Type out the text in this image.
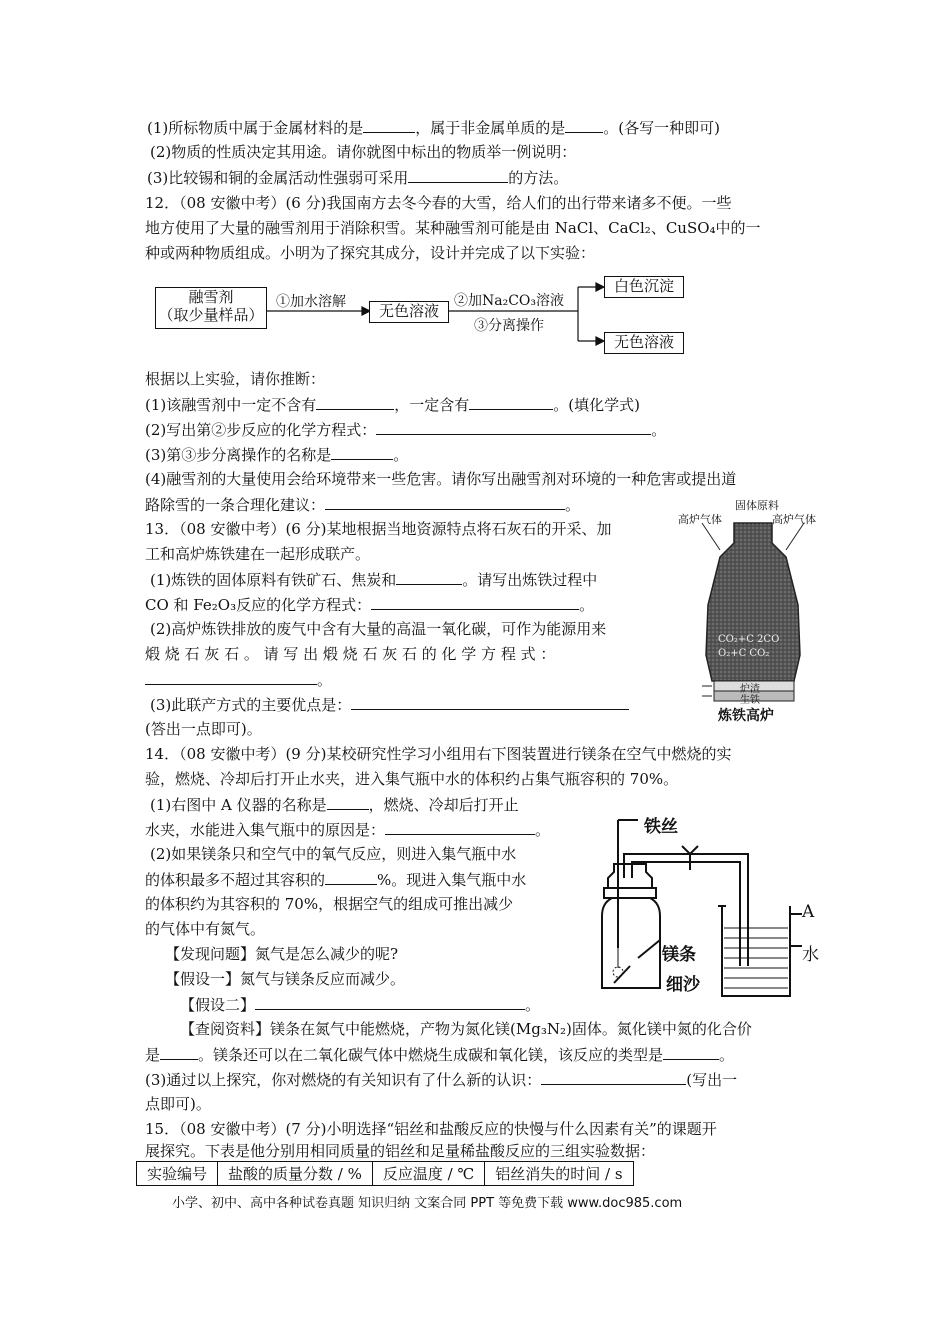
(1)所标物质中属于金属材料的是	，属于非金属单质的是	。(各写一种即可)
(2)物质的性质决定其用途。请你就图中标出的物质举一例说明：
(3)比较锡和铜的金属活动性强弱可采用	的方法。
12．（08 安徽中考）(6 分)我国南方去冬今春的大雪，给人们的出行带来诸多不便。一些
地方使用了大量的融雪剂用于消除积雪。某种融雪剂可能是由 NaCl、CaCl₂、CuSO₄中的一
种或两种物质组成。小明为了探究其成分，设计并完成了以下实验：
融雪剂
（取少量样品）
①加水溶解	无色溶液
②加Na₂CO₃溶液
③分离操作
白色沉淀
无色溶液
根据以上实验，请你推断：
(1)该融雪剂中一定不含有	，一定含有	。(填化学式)
(2)写出第②步反应的化学方程式：	。
(3)第③步分离操作的名称是	。
(4)融雪剂的大量使用会给环境带来一些危害。请你写出融雪剂对环境的一种危害或提出道
路除雪的一条合理化建议：	。
13．（08 安徽中考）(6 分)某地根据当地资源特点将石灰石的开采、加
工和高炉炼铁建在一起形成联产。
(1)炼铁的固体原料有铁矿石、焦炭和	。请写出炼铁过程中
CO 和 Fe₂O₃反应的化学方程式：	。
(2)高炉炼铁排放的废气中含有大量的高温一氧化碳，可作为能源用来
煅 烧 石 灰 石 。 请 写 出 煅 烧 石 灰 石 的 化 学 方 程 式 ：
。
(3)此联产方式的主要优点是：
(答出一点即可)。
固体原料
高炉气体	高炉气体
CO₂+C 2CO
O₂+C CO₂
炉渣
生铁
炼铁高炉
14．（08 安徽中考）(9 分)某校研究性学习小组用右下图装置进行镁条在空气中燃烧的实
验，燃烧、冷却后打开止水夹，进入集气瓶中水的体积约占集气瓶容积的 70%。
(1)右图中 A 仪器的名称是	，燃烧、冷却后打开止
水夹，水能进入集气瓶中的原因是：	。
(2)如果镁条只和空气中的氧气反应，则进入集气瓶中水
的体积最多不超过其容积的	%。现进入集气瓶中水
的体积约为其容积的 70%，根据空气的组成可推出减少
的气体中有氮气。
【发现问题】氮气是怎么减少的呢?
【假设一】氮气与镁条反应而减少。
【假设二】	。
【查阅资料】镁条在氮气中能燃烧，产物为氮化镁(Mg₃N₂)固体。氮化镁中氮的化合价
是	。镁条还可以在二氧化碳气体中燃烧生成碳和氧化镁，该反应的类型是	。
(3)通过以上探究，你对燃烧的有关知识有了什么新的认识：	(写出一
点即可)。
铁丝
A
水
镁条
细沙
15．（08 安徽中考）(7 分)小明选择“铝丝和盐酸反应的快慢与什么因素有关”的课题开
展探究。下表是他分别用相同质量的铝丝和足量稀盐酸反应的三组实验数据：
实验编号	盐酸的质量分数 / %	反应温度 / ℃	铝丝消失的时间 / s
小学、初中、高中各种试卷真题 知识归纳 文案合同 PPT 等免费下载 www.doc985.com
